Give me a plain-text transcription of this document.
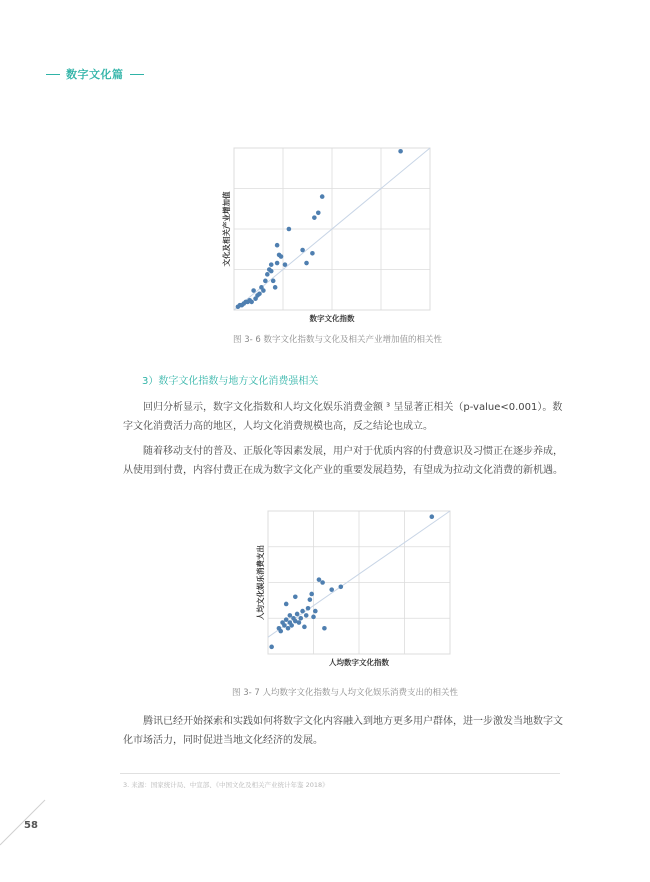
数字文化篇
数字文化指数
文化及相关产业增加值
图 3- 6 数字文化指数与文化及相关产业增加值的相关性
3）数字文化指数与地方文化消费强相关
回归分析显示，数字文化指数和人均文化娱乐消费金额 ³ 呈显著正相关（p-value<0.001）。数字文化消费活力高的地区，人均文化消费规模也高，反之结论也成立。
随着移动支付的普及、正版化等因素发展，用户对于优质内容的付费意识及习惯正在逐步养成，从使用到付费，内容付费正在成为数字文化产业的重要发展趋势，有望成为拉动文化消费的新机遇。
人均数字文化指数
人均文化娱乐消费支出
图 3- 7 人均数字文化指数与人均文化娱乐消费支出的相关性
腾讯已经开始探索和实践如何将数字文化内容融入到地方更多用户群体，进一步激发当地数字文化市场活力，同时促进当地文化经济的发展。
3. 来源：国家统计局、中宣部、《中国文化及相关产业统计年鉴 2018》
58
